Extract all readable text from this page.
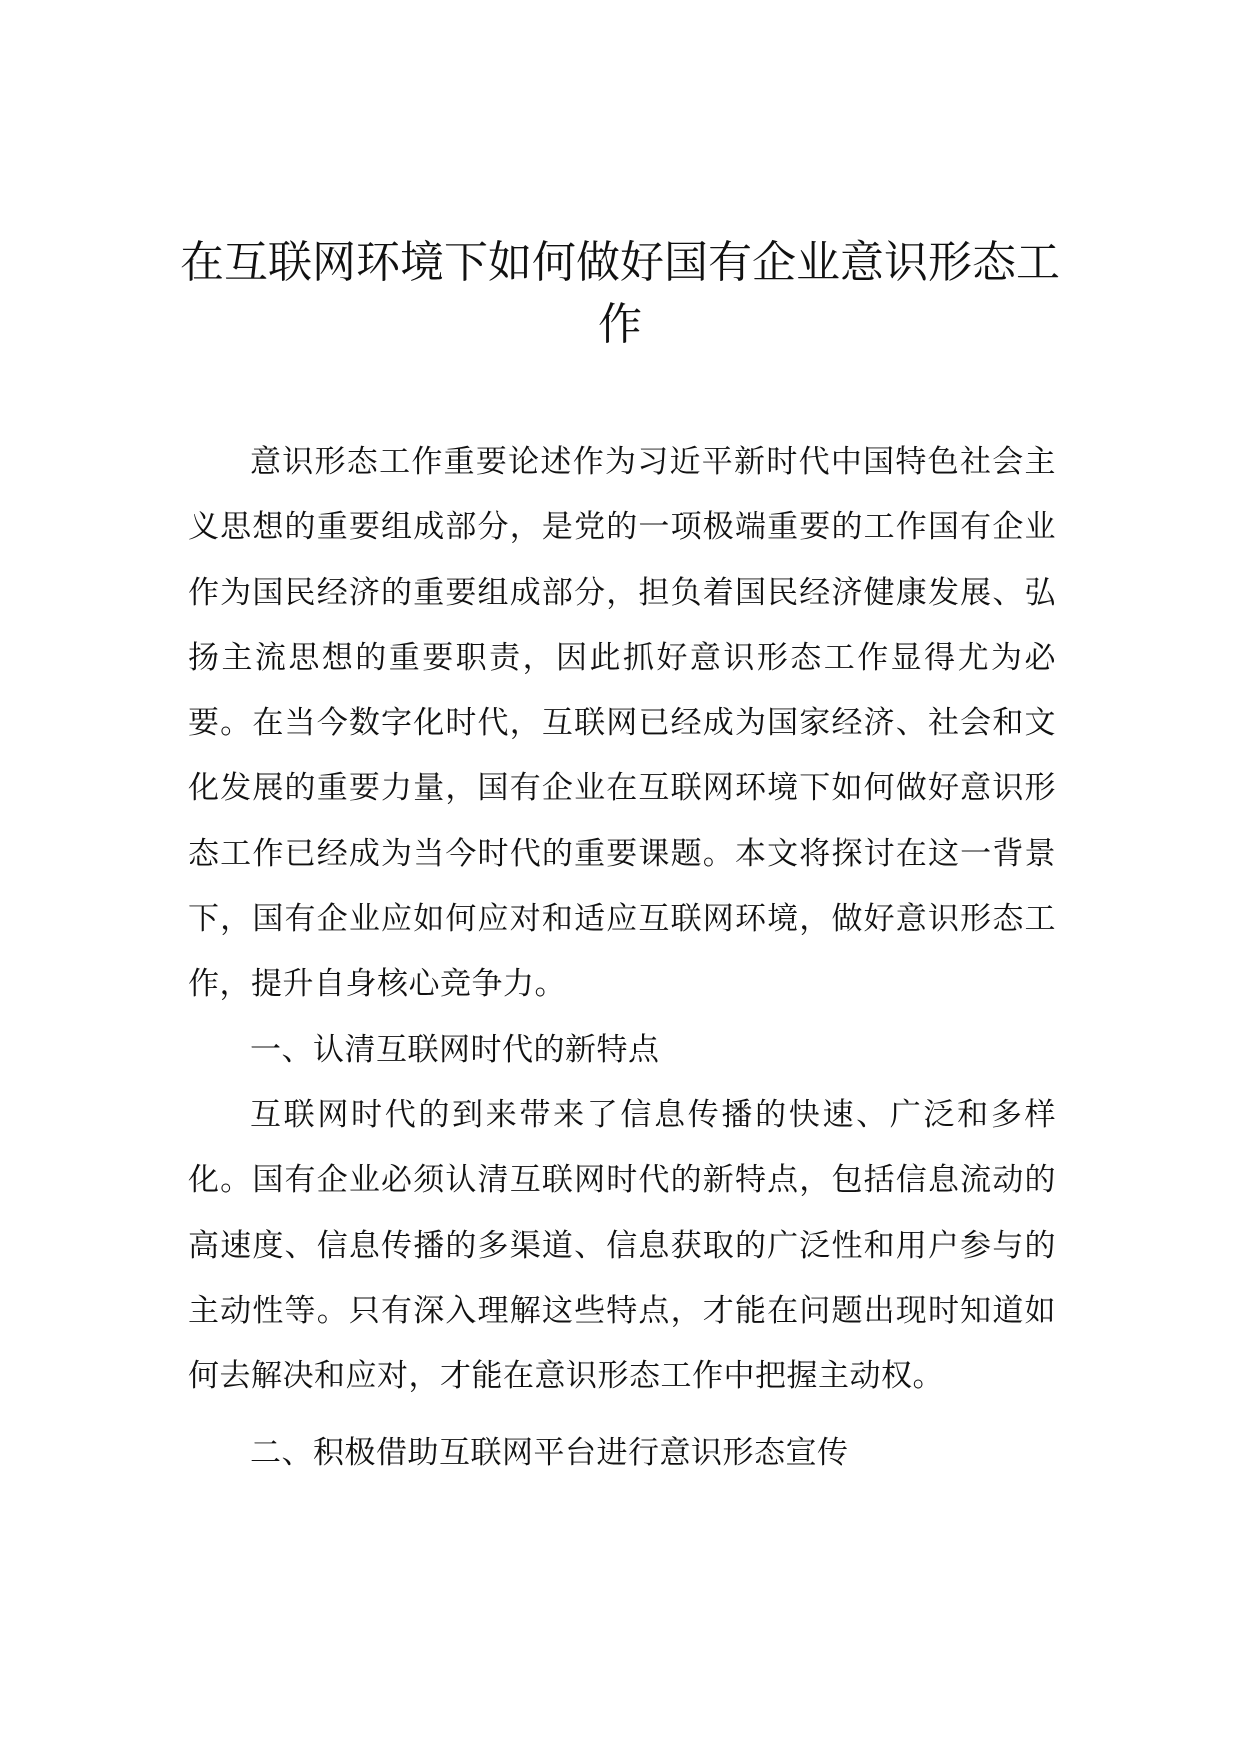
在互联网环境下如何做好国有企业意识形态工作

意识形态工作重要论述作为习近平新时代中国特色社会主义思想的重要组成部分，是党的一项极端重要的工作国有企业作为国民经济的重要组成部分，担负着国民经济健康发展、弘扬主流思想的重要职责，因此抓好意识形态工作显得尤为必要。在当今数字化时代，互联网已经成为国家经济、社会和文化发展的重要力量，国有企业在互联网环境下如何做好意识形态工作已经成为当今时代的重要课题。本文将探讨在这一背景下，国有企业应如何应对和适应互联网环境，做好意识形态工作，提升自身核心竞争力。

一、认清互联网时代的新特点

互联网时代的到来带来了信息传播的快速、广泛和多样化。国有企业必须认清互联网时代的新特点，包括信息流动的高速度、信息传播的多渠道、信息获取的广泛性和用户参与的主动性等。只有深入理解这些特点，才能在问题出现时知道如何去解决和应对，才能在意识形态工作中把握主动权。

二、积极借助互联网平台进行意识形态宣传
